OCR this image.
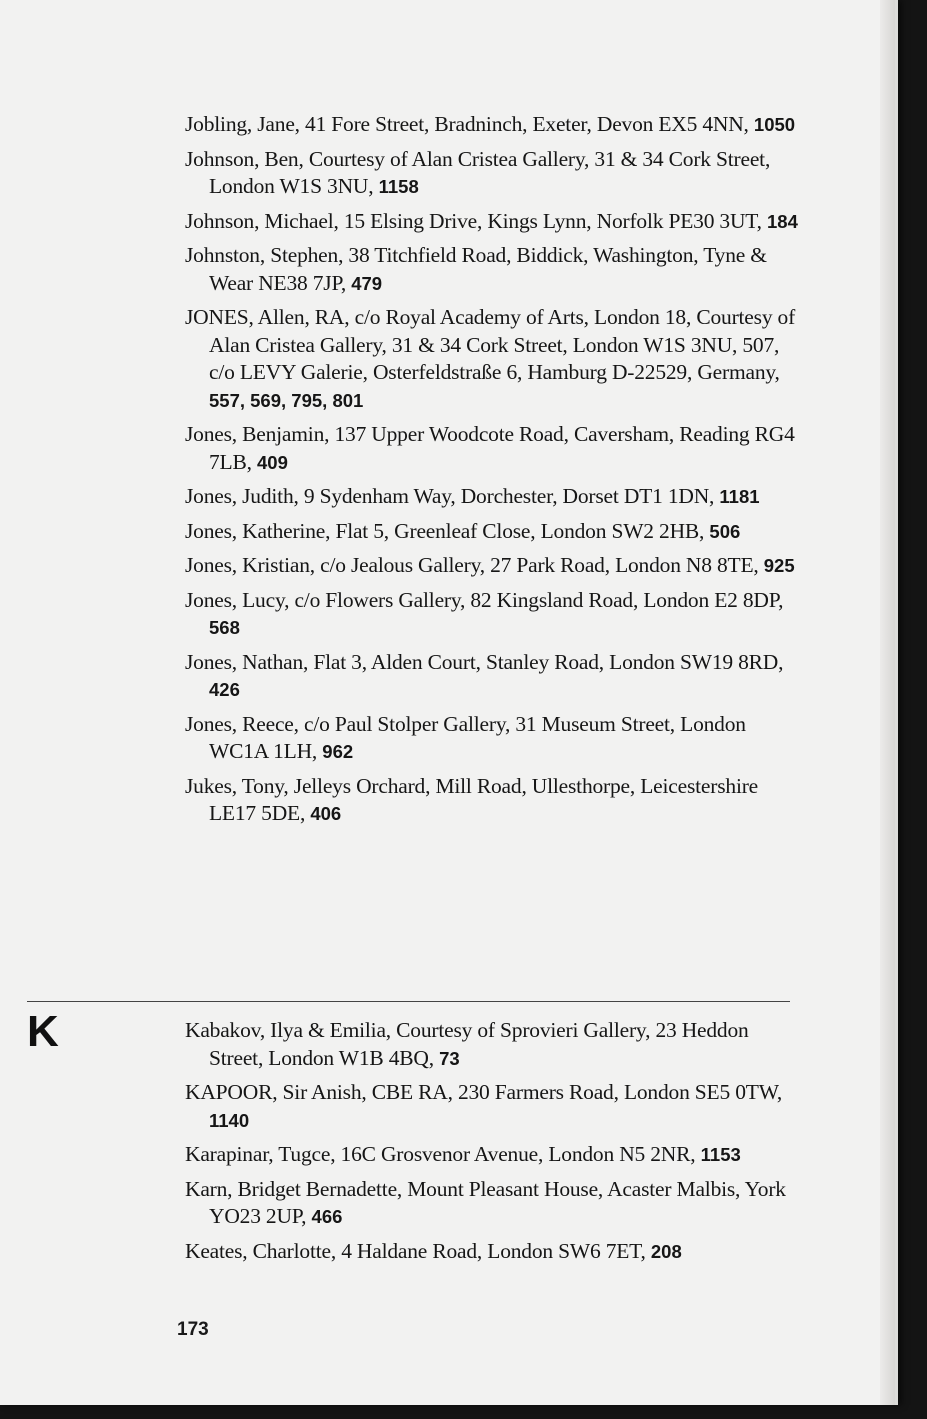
Jobling, Jane, 41 Fore Street, Bradninch, Exeter, Devon EX5 4NN, 1050
Johnson, Ben, Courtesy of Alan Cristea Gallery, 31 & 34 Cork Street, London W1S 3NU, 1158
Johnson, Michael, 15 Elsing Drive, Kings Lynn, Norfolk PE30 3UT, 184
Johnston, Stephen, 38 Titchfield Road, Biddick, Washington, Tyne & Wear NE38 7JP, 479
JONES, Allen, RA, c/o Royal Academy of Arts, London 18, Courtesy of Alan Cristea Gallery, 31 & 34 Cork Street, London W1S 3NU, 507, c/o LEVY Galerie, Osterfeldstraße 6, Hamburg D-22529, Germany, 557, 569, 795, 801
Jones, Benjamin, 137 Upper Woodcote Road, Caversham, Reading RG4 7LB, 409
Jones, Judith, 9 Sydenham Way, Dorchester, Dorset DT1 1DN, 1181
Jones, Katherine, Flat 5, Greenleaf Close, London SW2 2HB, 506
Jones, Kristian, c/o Jealous Gallery, 27 Park Road, London N8 8TE, 925
Jones, Lucy, c/o Flowers Gallery, 82 Kingsland Road, London E2 8DP, 568
Jones, Nathan, Flat 3, Alden Court, Stanley Road, London SW19 8RD, 426
Jones, Reece, c/o Paul Stolper Gallery, 31 Museum Street, London WC1A 1LH, 962
Jukes, Tony, Jelleys Orchard, Mill Road, Ullesthorpe, Leicestershire LE17 5DE, 406
K	Kabakov, Ilya & Emilia, Courtesy of Sprovieri Gallery, 23 Heddon Street, London W1B 4BQ, 73
KAPOOR, Sir Anish, CBE RA, 230 Farmers Road, London SE5 0TW, 1140
Karapinar, Tugce, 16C Grosvenor Avenue, London N5 2NR, 1153
Karn, Bridget Bernadette, Mount Pleasant House, Acaster Malbis, York YO23 2UP, 466
Keates, Charlotte, 4 Haldane Road, London SW6 7ET, 208
173
